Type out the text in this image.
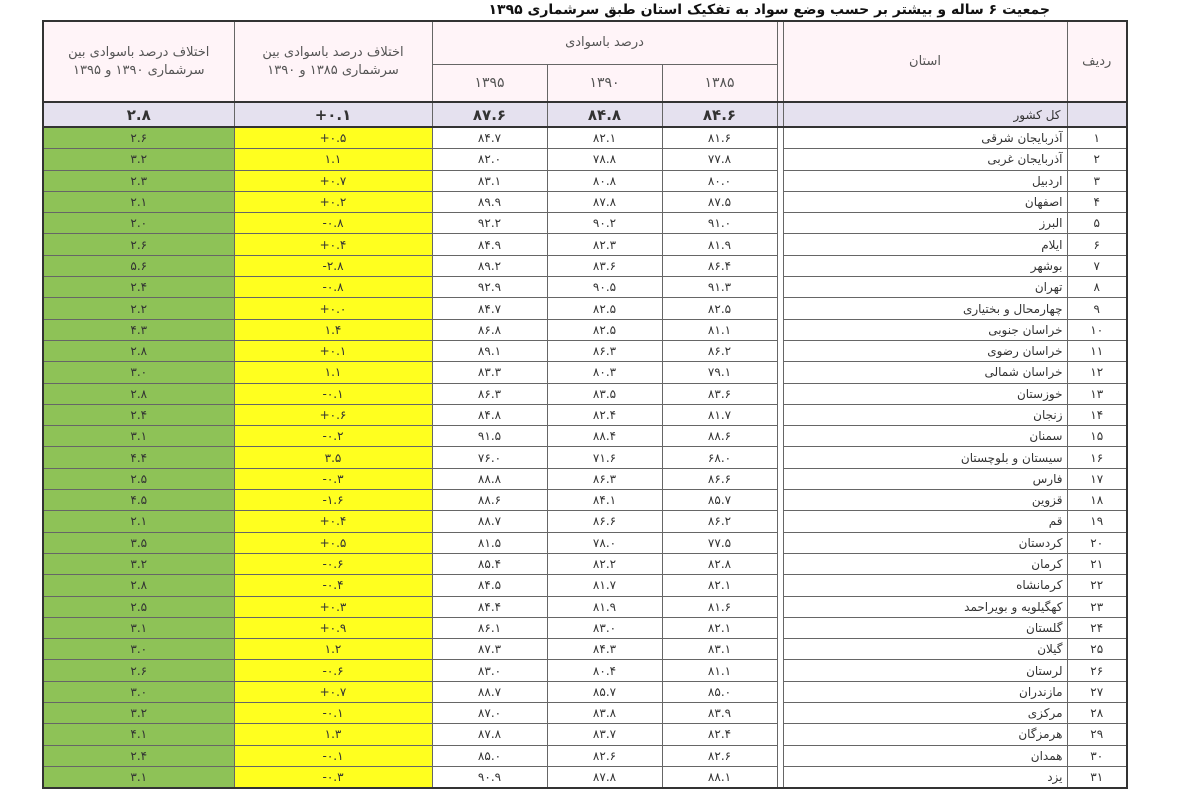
جمعیت ۶ ساله و بیشتر بر حسب وضع سواد به تفکیک استان طبق سرشماری ۱۳۹۵
ردیف	استان		درصد باسوادی			اختلاف درصد باسوادی بین سرشماری ۱۳۸۵ و ۱۳۹۰	اختلاف درصد باسوادی بین سرشماری ۱۳۹۰ و ۱۳۹۵
			۱۳۸۵	۱۳۹۰	۱۳۹۵		
	کل کشور		۸۴.۶	۸۴.۸	۸۷.۶	۰.۱+	۲.۸
۱	آذربایجان شرقی		۸۱.۶	۸۲.۱	۸۴.۷	۰.۵+	۲.۶
۲	آذربایجان غربی		۷۷.۸	۷۸.۸	۸۲.۰	۱.۱	۳.۲
۳	اردبیل		۸۰.۰	۸۰.۸	۸۳.۱	۰.۷+	۲.۳
۴	اصفهان		۸۷.۵	۸۷.۸	۸۹.۹	۰.۲+	۲.۱
۵	البرز		۹۱.۰	۹۰.۲	۹۲.۲	۰.۸-	۲.۰
۶	ایلام		۸۱.۹	۸۲.۳	۸۴.۹	۰.۴+	۲.۶
۷	بوشهر		۸۶.۴	۸۳.۶	۸۹.۲	۲.۸-	۵.۶
۸	تهران		۹۱.۳	۹۰.۵	۹۲.۹	۰.۸-	۲.۴
۹	چهارمحال و بختیاری		۸۲.۵	۸۲.۵	۸۴.۷	۰.۰+	۲.۲
۱۰	خراسان جنوبی		۸۱.۱	۸۲.۵	۸۶.۸	۱.۴	۴.۳
۱۱	خراسان رضوی		۸۶.۲	۸۶.۳	۸۹.۱	۰.۱+	۲.۸
۱۲	خراسان شمالی		۷۹.۱	۸۰.۳	۸۳.۳	۱.۱	۳.۰
۱۳	خوزستان		۸۳.۶	۸۳.۵	۸۶.۳	۰.۱-	۲.۸
۱۴	زنجان		۸۱.۷	۸۲.۴	۸۴.۸	۰.۶+	۲.۴
۱۵	سمنان		۸۸.۶	۸۸.۴	۹۱.۵	۰.۲-	۳.۱
۱۶	سیستان و بلوچستان		۶۸.۰	۷۱.۶	۷۶.۰	۳.۵	۴.۴
۱۷	فارس		۸۶.۶	۸۶.۳	۸۸.۸	۰.۳-	۲.۵
۱۸	قزوین		۸۵.۷	۸۴.۱	۸۸.۶	۱.۶-	۴.۵
۱۹	قم		۸۶.۲	۸۶.۶	۸۸.۷	۰.۴+	۲.۱
۲۰	کردستان		۷۷.۵	۷۸.۰	۸۱.۵	۰.۵+	۳.۵
۲۱	کرمان		۸۲.۸	۸۲.۲	۸۵.۴	۰.۶-	۳.۲
۲۲	کرمانشاه		۸۲.۱	۸۱.۷	۸۴.۵	۰.۴-	۲.۸
۲۳	کهگیلویه و بویراحمد		۸۱.۶	۸۱.۹	۸۴.۴	۰.۳+	۲.۵
۲۴	گلستان		۸۲.۱	۸۳.۰	۸۶.۱	۰.۹+	۳.۱
۲۵	گیلان		۸۳.۱	۸۴.۳	۸۷.۳	۱.۲	۳.۰
۲۶	لرستان		۸۱.۱	۸۰.۴	۸۳.۰	۰.۶-	۲.۶
۲۷	مازندران		۸۵.۰	۸۵.۷	۸۸.۷	۰.۷+	۳.۰
۲۸	مرکزی		۸۳.۹	۸۳.۸	۸۷.۰	۰.۱-	۳.۲
۲۹	هرمزگان		۸۲.۴	۸۳.۷	۸۷.۸	۱.۳	۴.۱
۳۰	همدان		۸۲.۶	۸۲.۶	۸۵.۰	۰.۱-	۲.۴
۳۱	یزد		۸۸.۱	۸۷.۸	۹۰.۹	۰.۳-	۳.۱
